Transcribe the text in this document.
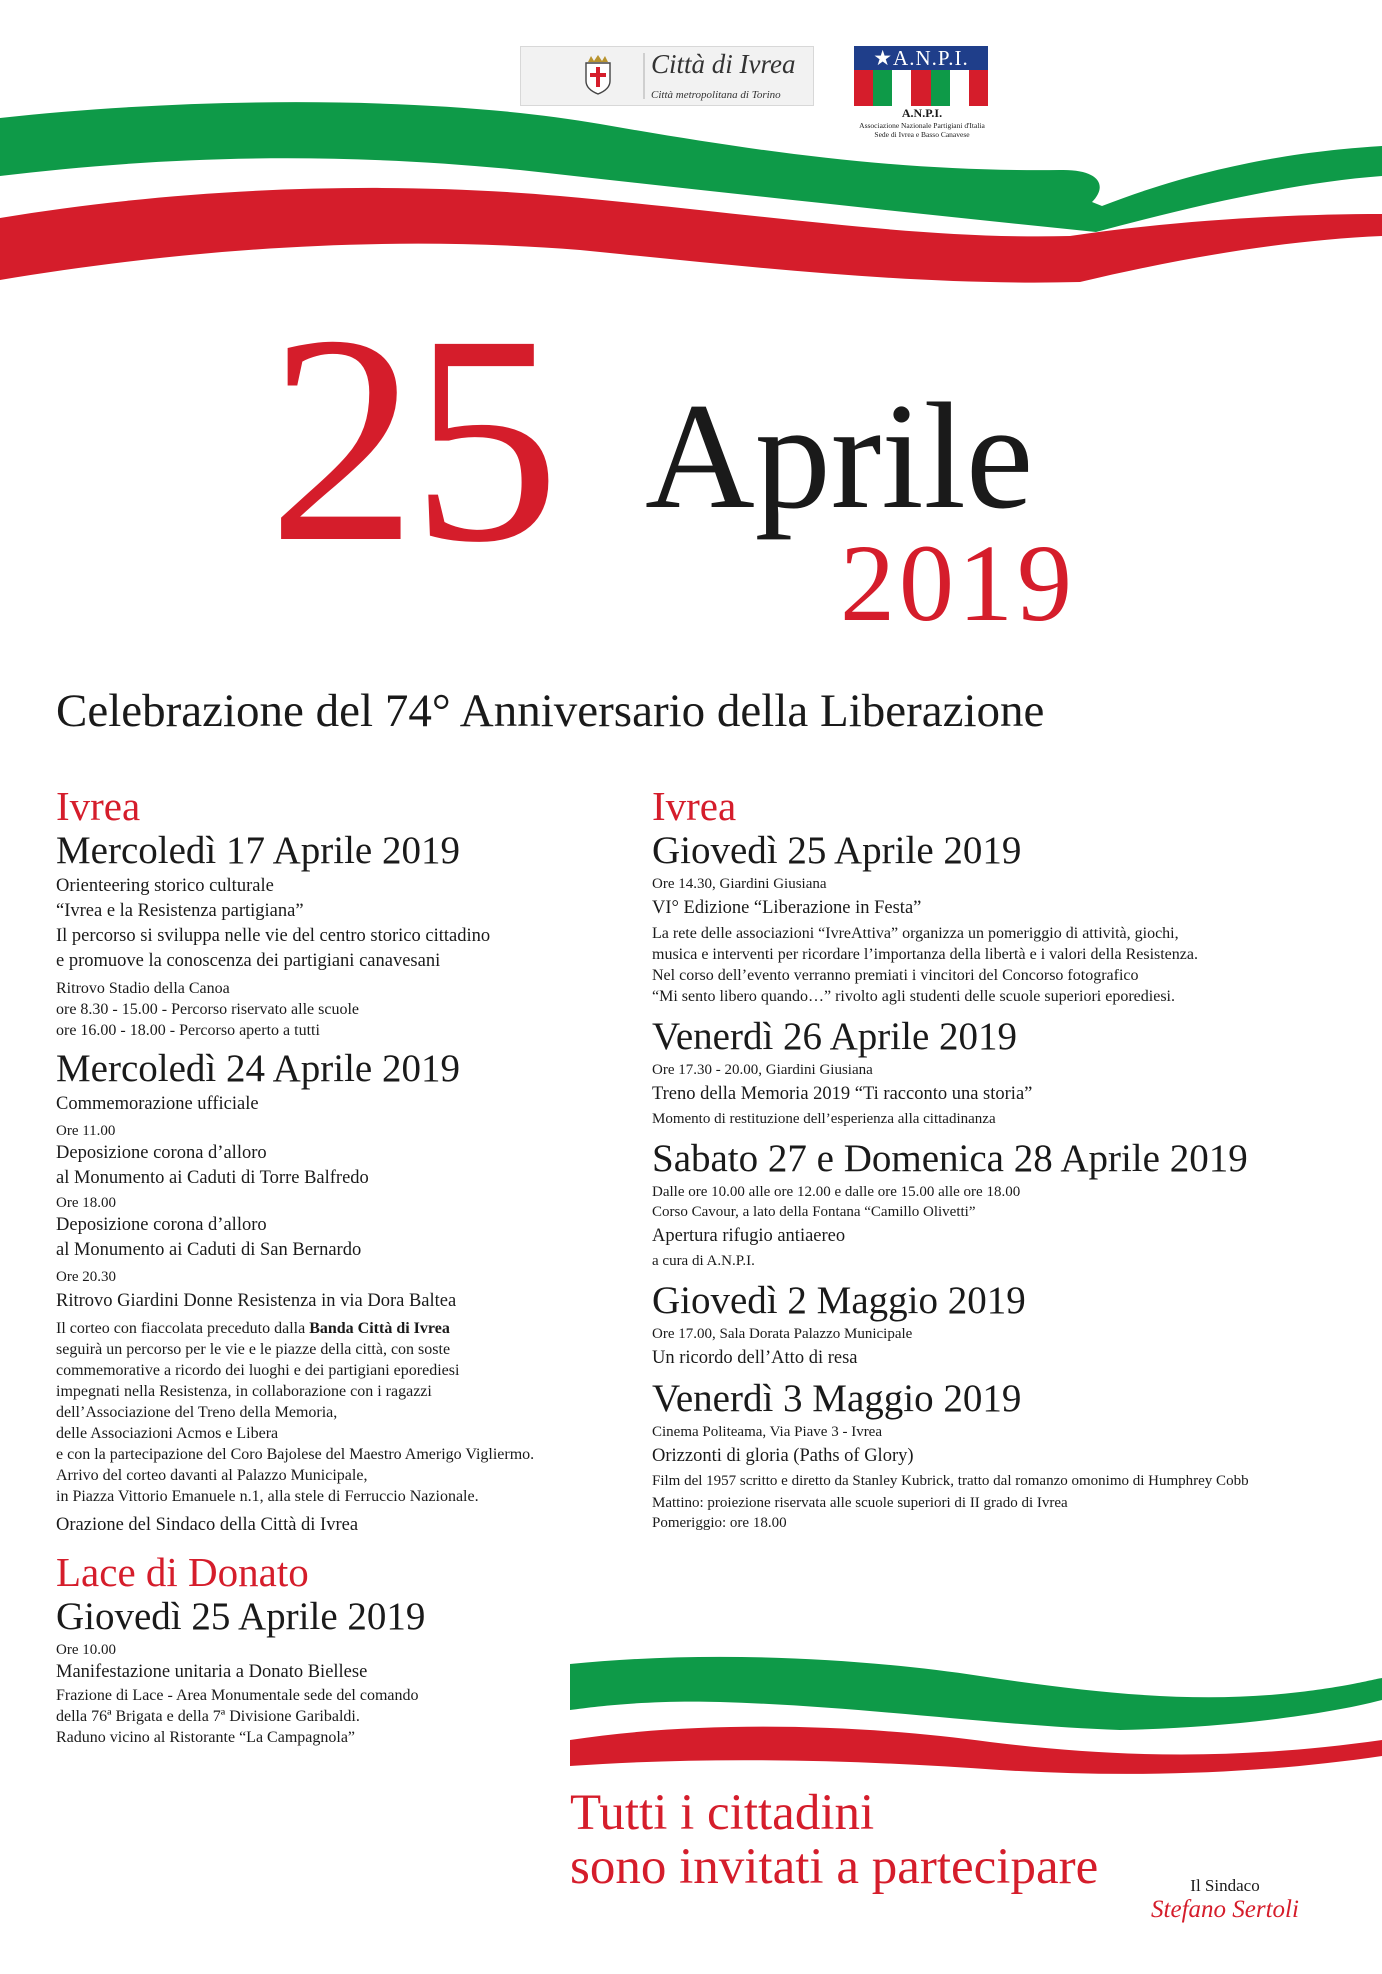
Città di Ivrea
Città metropolitana di Torino
★A.N.P.I.
A.N.P.I.
Associazione Nazionale Partigiani d'Italia
Sede di Ivrea e Basso Canavese
25 Aprile
2019
Celebrazione del 74° Anniversario della Liberazione
Ivrea
Mercoledì 17 Aprile 2019
Orienteering storico culturale
“Ivrea e la Resistenza partigiana”
Il percorso si sviluppa nelle vie del centro storico cittadino
e promuove la conoscenza dei partigiani canavesani
Ritrovo Stadio della Canoa
ore 8.30 - 15.00 - Percorso riservato alle scuole
ore 16.00 - 18.00 - Percorso aperto a tutti
Mercoledì 24 Aprile 2019
Commemorazione ufficiale
Ore 11.00
Deposizione corona d’alloro
al Monumento ai Caduti di Torre Balfredo
Ore 18.00
Deposizione corona d’alloro
al Monumento ai Caduti di San Bernardo
Ore 20.30
Ritrovo Giardini Donne Resistenza in via Dora Baltea
Il corteo con fiaccolata preceduto dalla Banda Città di Ivrea
seguirà un percorso per le vie e le piazze della città, con soste
commemorative a ricordo dei luoghi e dei partigiani eporediesi
impegnati nella Resistenza, in collaborazione con i ragazzi
dell’Associazione del Treno della Memoria,
delle Associazioni Acmos e Libera
e con la partecipazione del Coro Bajolese del Maestro Amerigo Vigliermo.
Arrivo del corteo davanti al Palazzo Municipale,
in Piazza Vittorio Emanuele n.1, alla stele di Ferruccio Nazionale.
Orazione del Sindaco della Città di Ivrea
Lace di Donato
Giovedì 25 Aprile 2019
Ore 10.00
Manifestazione unitaria a Donato Biellese
Frazione di Lace - Area Monumentale sede del comando
della 76ª Brigata e della 7ª Divisione Garibaldi.
Raduno vicino al Ristorante “La Campagnola”
Ivrea
Giovedì 25 Aprile 2019
Ore 14.30, Giardini Giusiana
VI° Edizione “Liberazione in Festa”
La rete delle associazioni “IvreAttiva” organizza un pomeriggio di attività, giochi,
musica e interventi per ricordare l’importanza della libertà e i valori della Resistenza.
Nel corso dell’evento verranno premiati i vincitori del Concorso fotografico
“Mi sento libero quando…” rivolto agli studenti delle scuole superiori eporediesi.
Venerdì 26 Aprile 2019
Ore 17.30 - 20.00, Giardini Giusiana
Treno della Memoria 2019 “Ti racconto una storia”
Momento di restituzione dell’esperienza alla cittadinanza
Sabato 27 e Domenica 28 Aprile 2019
Dalle ore 10.00 alle ore 12.00 e dalle ore 15.00 alle ore 18.00
Corso Cavour, a lato della Fontana “Camillo Olivetti”
Apertura rifugio antiaereo
a cura di A.N.P.I.
Giovedì 2 Maggio 2019
Ore 17.00, Sala Dorata Palazzo Municipale
Un ricordo dell’Atto di resa
Venerdì 3 Maggio 2019
Cinema Politeama, Via Piave 3 - Ivrea
Orizzonti di gloria (Paths of Glory)
Film del 1957 scritto e diretto da Stanley Kubrick, tratto dal romanzo omonimo di Humphrey Cobb
Mattino: proiezione riservata alle scuole superiori di II grado di Ivrea
Pomeriggio: ore 18.00
Tutti i cittadini
sono invitati a partecipare	Il Sindaco
Stefano Sertoli
